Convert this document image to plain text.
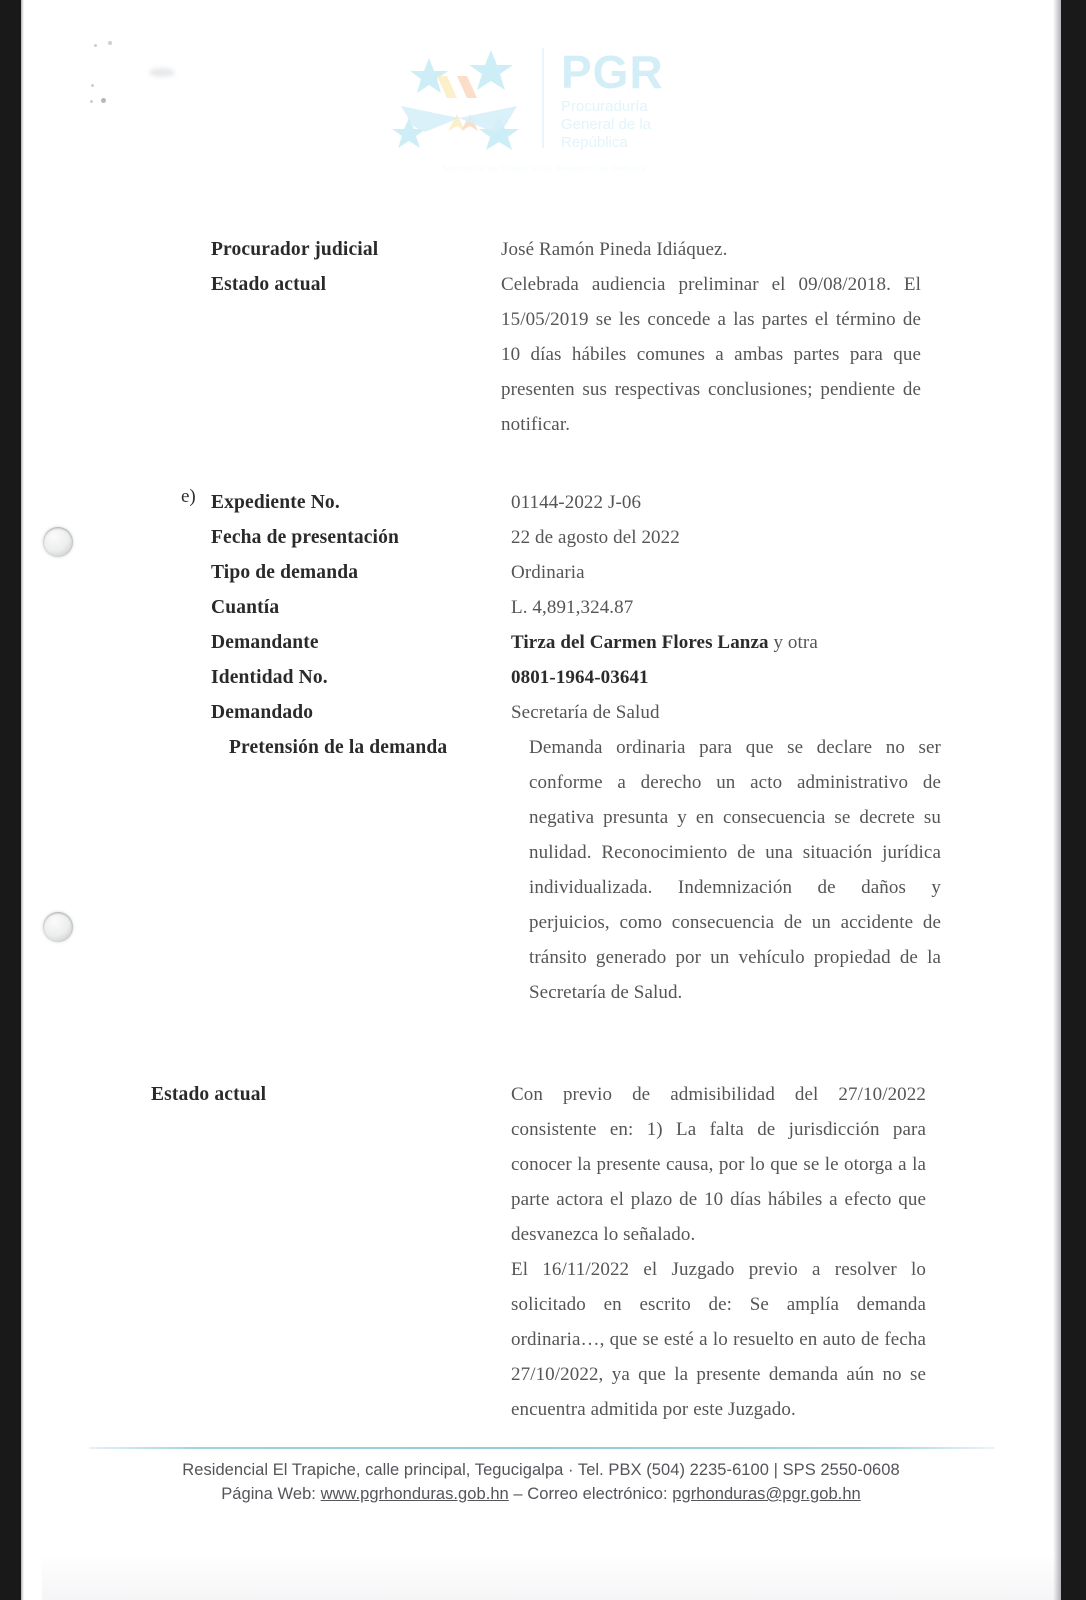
PGR
Procuraduría
General de la
República
Secretaría de Estado en el Despacho de Defensa
Procurador judicial	José Ramón Pineda Idiáquez.
Estado actual	Celebrada audiencia preliminar el 09/08/2018. El 15/05/2019 se les concede a las partes el término de 10 días hábiles comunes a ambas partes para que presenten sus respectivas conclusiones; pendiente de notificar.
e) Expediente No.	01144-2022 J-06
Fecha de presentación	22 de agosto del 2022
Tipo de demanda	Ordinaria
Cuantía	L. 4,891,324.87
Demandante	Tirza del Carmen Flores Lanza y otra
Identidad No.	0801-1964-03641
Demandado	Secretaría de Salud
Pretensión de la demanda	Demanda ordinaria para que se declare no ser conforme a derecho un acto administrativo de negativa presunta y en consecuencia se decrete su nulidad. Reconocimiento de una situación jurídica individualizada. Indemnización de daños y perjuicios, como consecuencia de un accidente de tránsito generado por un vehículo propiedad de la Secretaría de Salud.
Estado actual	Con previo de admisibilidad del 27/10/2022 consistente en: 1) La falta de jurisdicción para conocer la presente causa, por lo que se le otorga a la parte actora el plazo de 10 días hábiles a efecto que desvanezca lo señalado.

El 16/11/2022 el Juzgado previo a resolver lo solicitado en escrito de: Se amplía demanda ordinaria…, que se esté a lo resuelto en auto de fecha 27/10/2022, ya que la presente demanda aún no se encuentra admitida por este Juzgado.

Residencial El Trapiche, calle principal, Tegucigalpa · Tel. PBX (504) 2235-6100 | SPS 2550-0608
Página Web: www.pgrhonduras.gob.hn – Correo electrónico: pgrhonduras@pgr.gob.hn
